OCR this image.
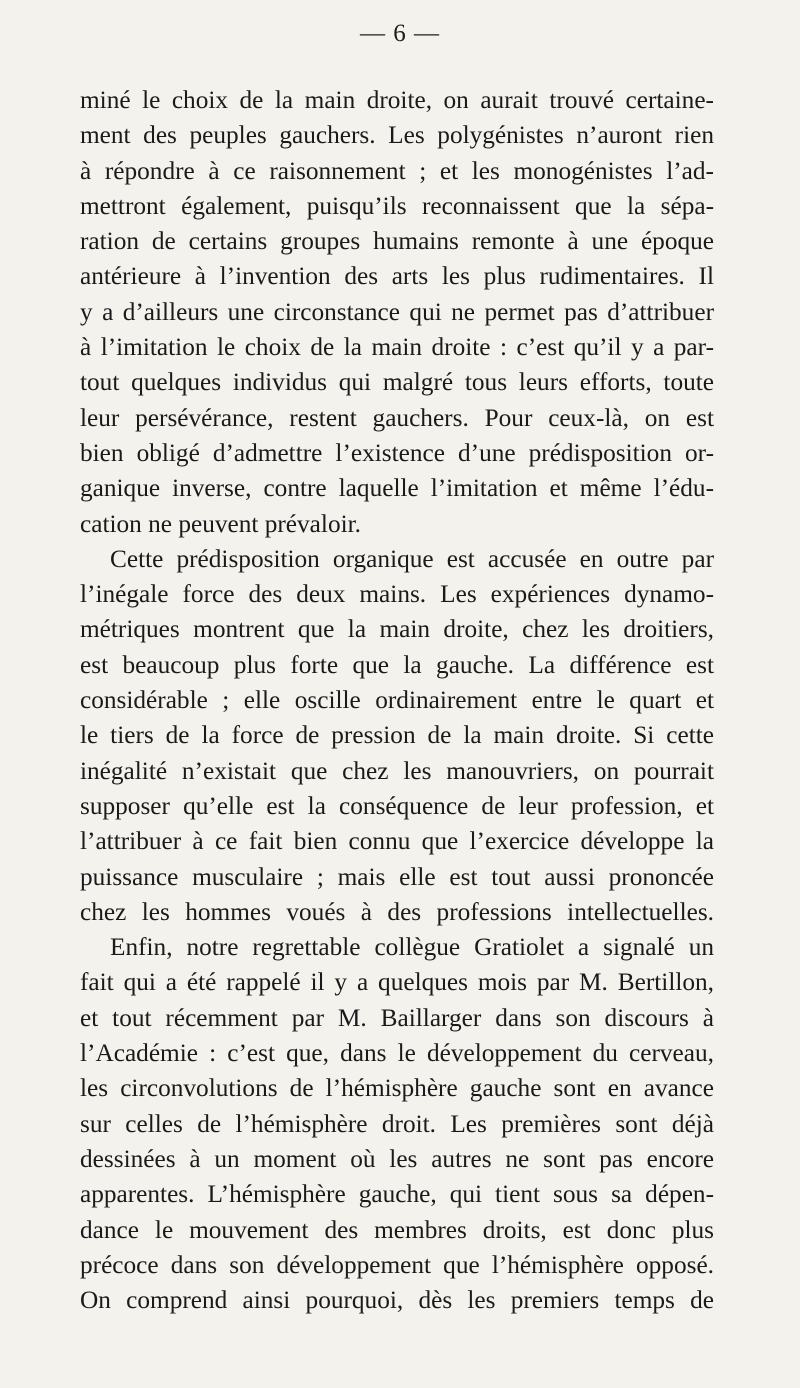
— 6 —
miné le choix de la main droite, on aurait trouvé certaine-
ment des peuples gauchers. Les polygénistes n’auront rien
à répondre à ce raisonnement ; et les monogénistes l’ad-
mettront également, puisqu’ils reconnaissent que la sépa-
ration de certains groupes humains remonte à une époque
antérieure à l’invention des arts les plus rudimentaires. Il
y a d’ailleurs une circonstance qui ne permet pas d’attribuer
à l’imitation le choix de la main droite : c’est qu’il y a par-
tout quelques individus qui malgré tous leurs efforts, toute
leur persévérance, restent gauchers. Pour ceux-là, on est
bien obligé d’admettre l’existence d’une prédisposition or-
ganique inverse, contre laquelle l’imitation et même l’édu-
cation ne peuvent prévaloir.
Cette prédisposition organique est accusée en outre par
l’inégale force des deux mains. Les expériences dynamo-
métriques montrent que la main droite, chez les droitiers,
est beaucoup plus forte que la gauche. La différence est
considérable ; elle oscille ordinairement entre le quart et
le tiers de la force de pression de la main droite. Si cette
inégalité n’existait que chez les manouvriers, on pourrait
supposer qu’elle est la conséquence de leur profession, et
l’attribuer à ce fait bien connu que l’exercice développe la
puissance musculaire ; mais elle est tout aussi prononcée
chez les hommes voués à des professions intellectuelles.
Enfin, notre regrettable collègue Gratiolet a signalé un
fait qui a été rappelé il y a quelques mois par M. Bertillon,
et tout récemment par M. Baillarger dans son discours à
l’Académie : c’est que, dans le développement du cerveau,
les circonvolutions de l’hémisphère gauche sont en avance
sur celles de l’hémisphère droit. Les premières sont déjà
dessinées à un moment où les autres ne sont pas encore
apparentes. L’hémisphère gauche, qui tient sous sa dépen-
dance le mouvement des membres droits, est donc plus
précoce dans son développement que l’hémisphère opposé.
On comprend ainsi pourquoi, dès les premiers temps de
